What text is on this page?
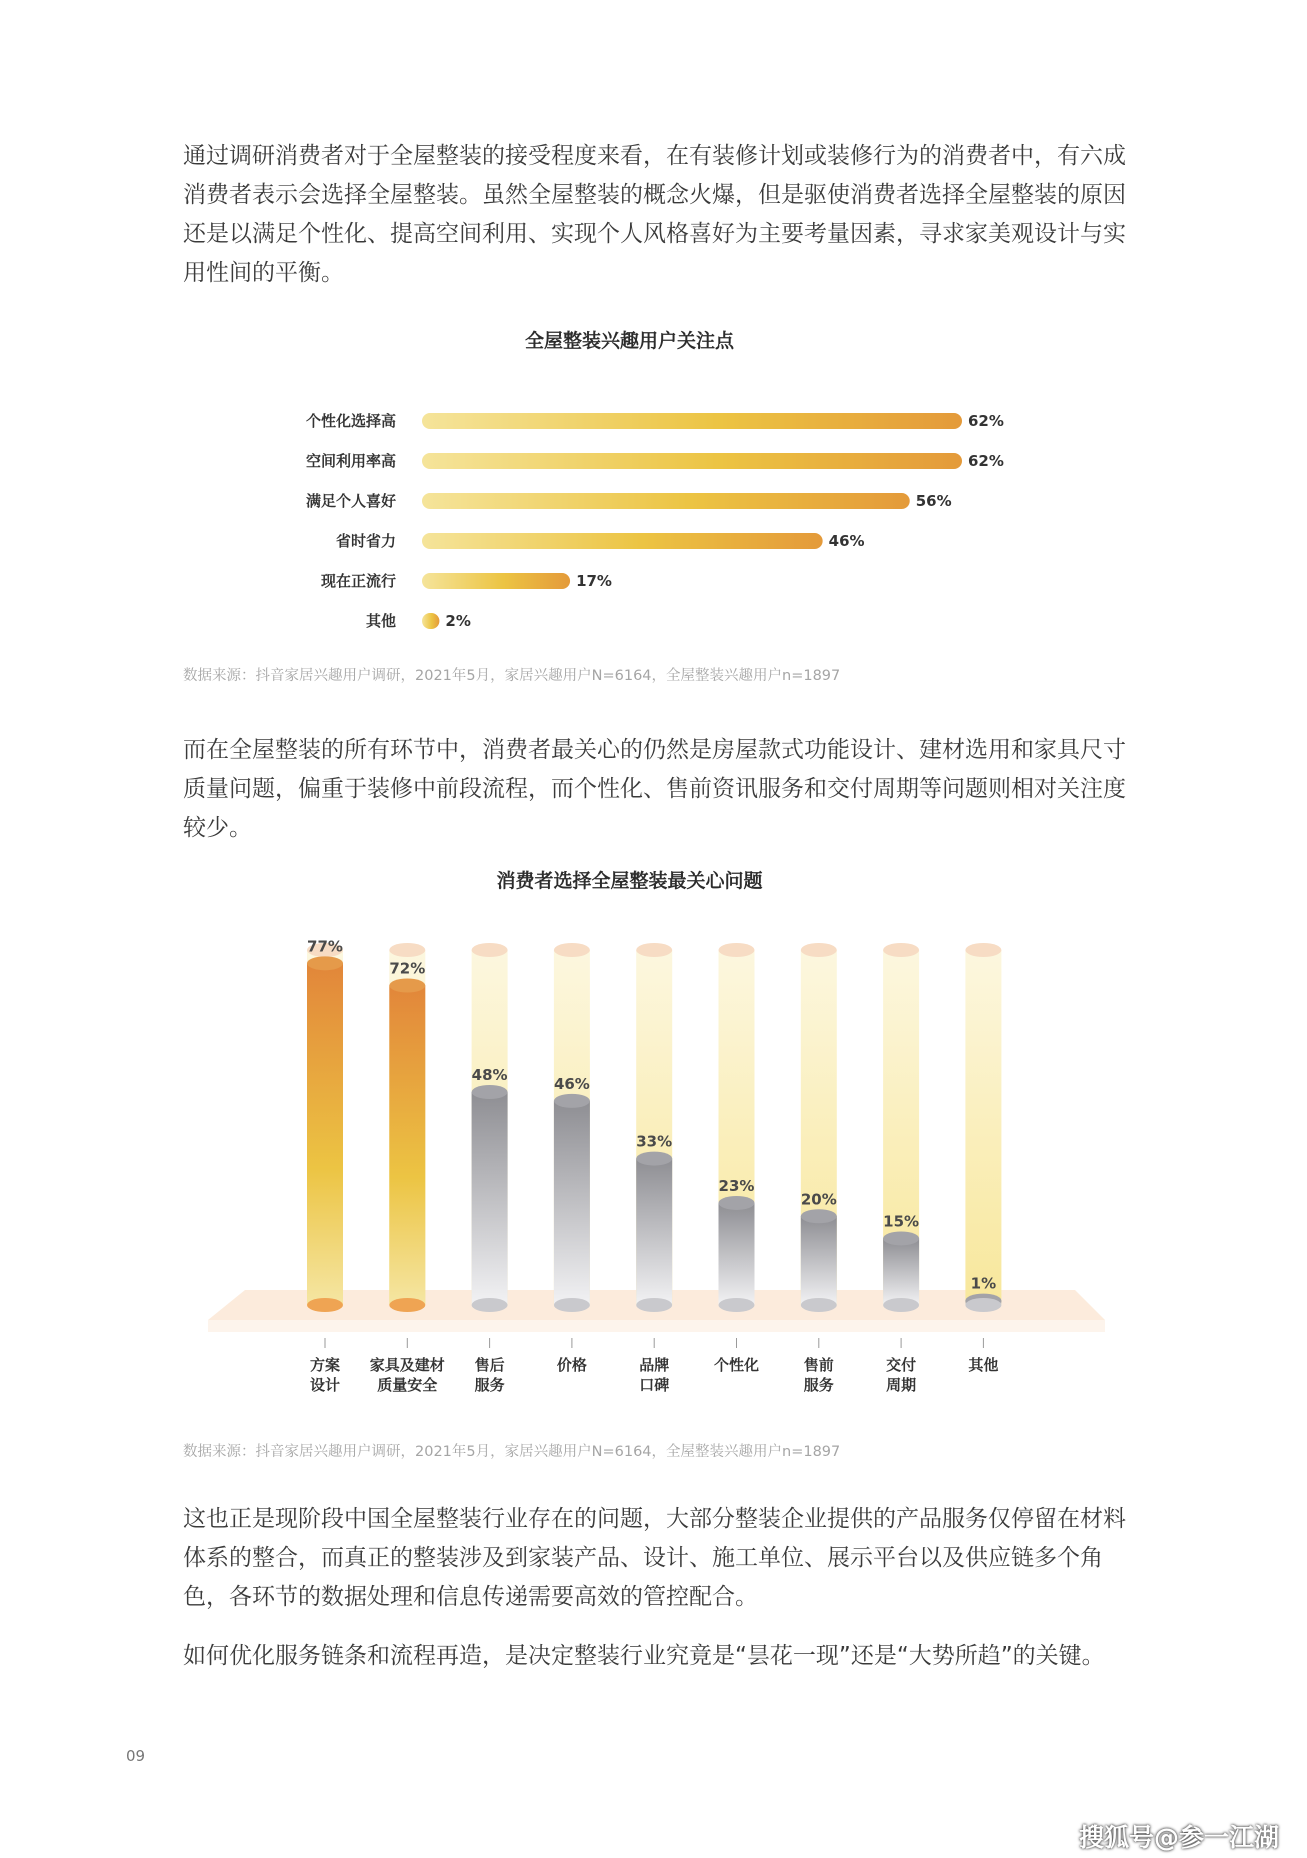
通过调研消费者对于全屋整装的接受程度来看，在有装修计划或装修行为的消费者中，有六成消费者表示会选择全屋整装。虽然全屋整装的概念火爆，但是驱使消费者选择全屋整装的原因还是以满足个性化、提高空间利用、实现个人风格喜好为主要考量因素，寻求家美观设计与实用性间的平衡。

全屋整装兴趣用户关注点
个性化选择高	62%
空间利用率高	62%
满足个人喜好	56%
省时省力	46%
现在正流行	17%
其他	2%
数据来源：抖音家居兴趣用户调研，2021年5月，家居兴趣用户N=6164，全屋整装兴趣用户n=1897

而在全屋整装的所有环节中，消费者最关心的仍然是房屋款式功能设计、建材选用和家具尺寸质量问题，偏重于装修中前段流程，而个性化、售前资讯服务和交付周期等问题则相对关注度较少。

消费者选择全屋整装最关心问题
77%
方案设计
72%
家具及建材质量安全
48%
售后服务
46%
价格
33%
品牌口碑
23%
个性化
20%
售前服务
15%
交付周期
1%
其他
数据来源：抖音家居兴趣用户调研，2021年5月，家居兴趣用户N=6164，全屋整装兴趣用户n=1897

这也正是现阶段中国全屋整装行业存在的问题，大部分整装企业提供的产品服务仅停留在材料体系的整合，而真正的整装涉及到家装产品、设计、施工单位、展示平台以及供应链多个角色，各环节的数据处理和信息传递需要高效的管控配合。

如何优化服务链条和流程再造，是决定整装行业究竟是“昙花一现”还是“大势所趋”的关键。

09
搜狐号@参一江湖
